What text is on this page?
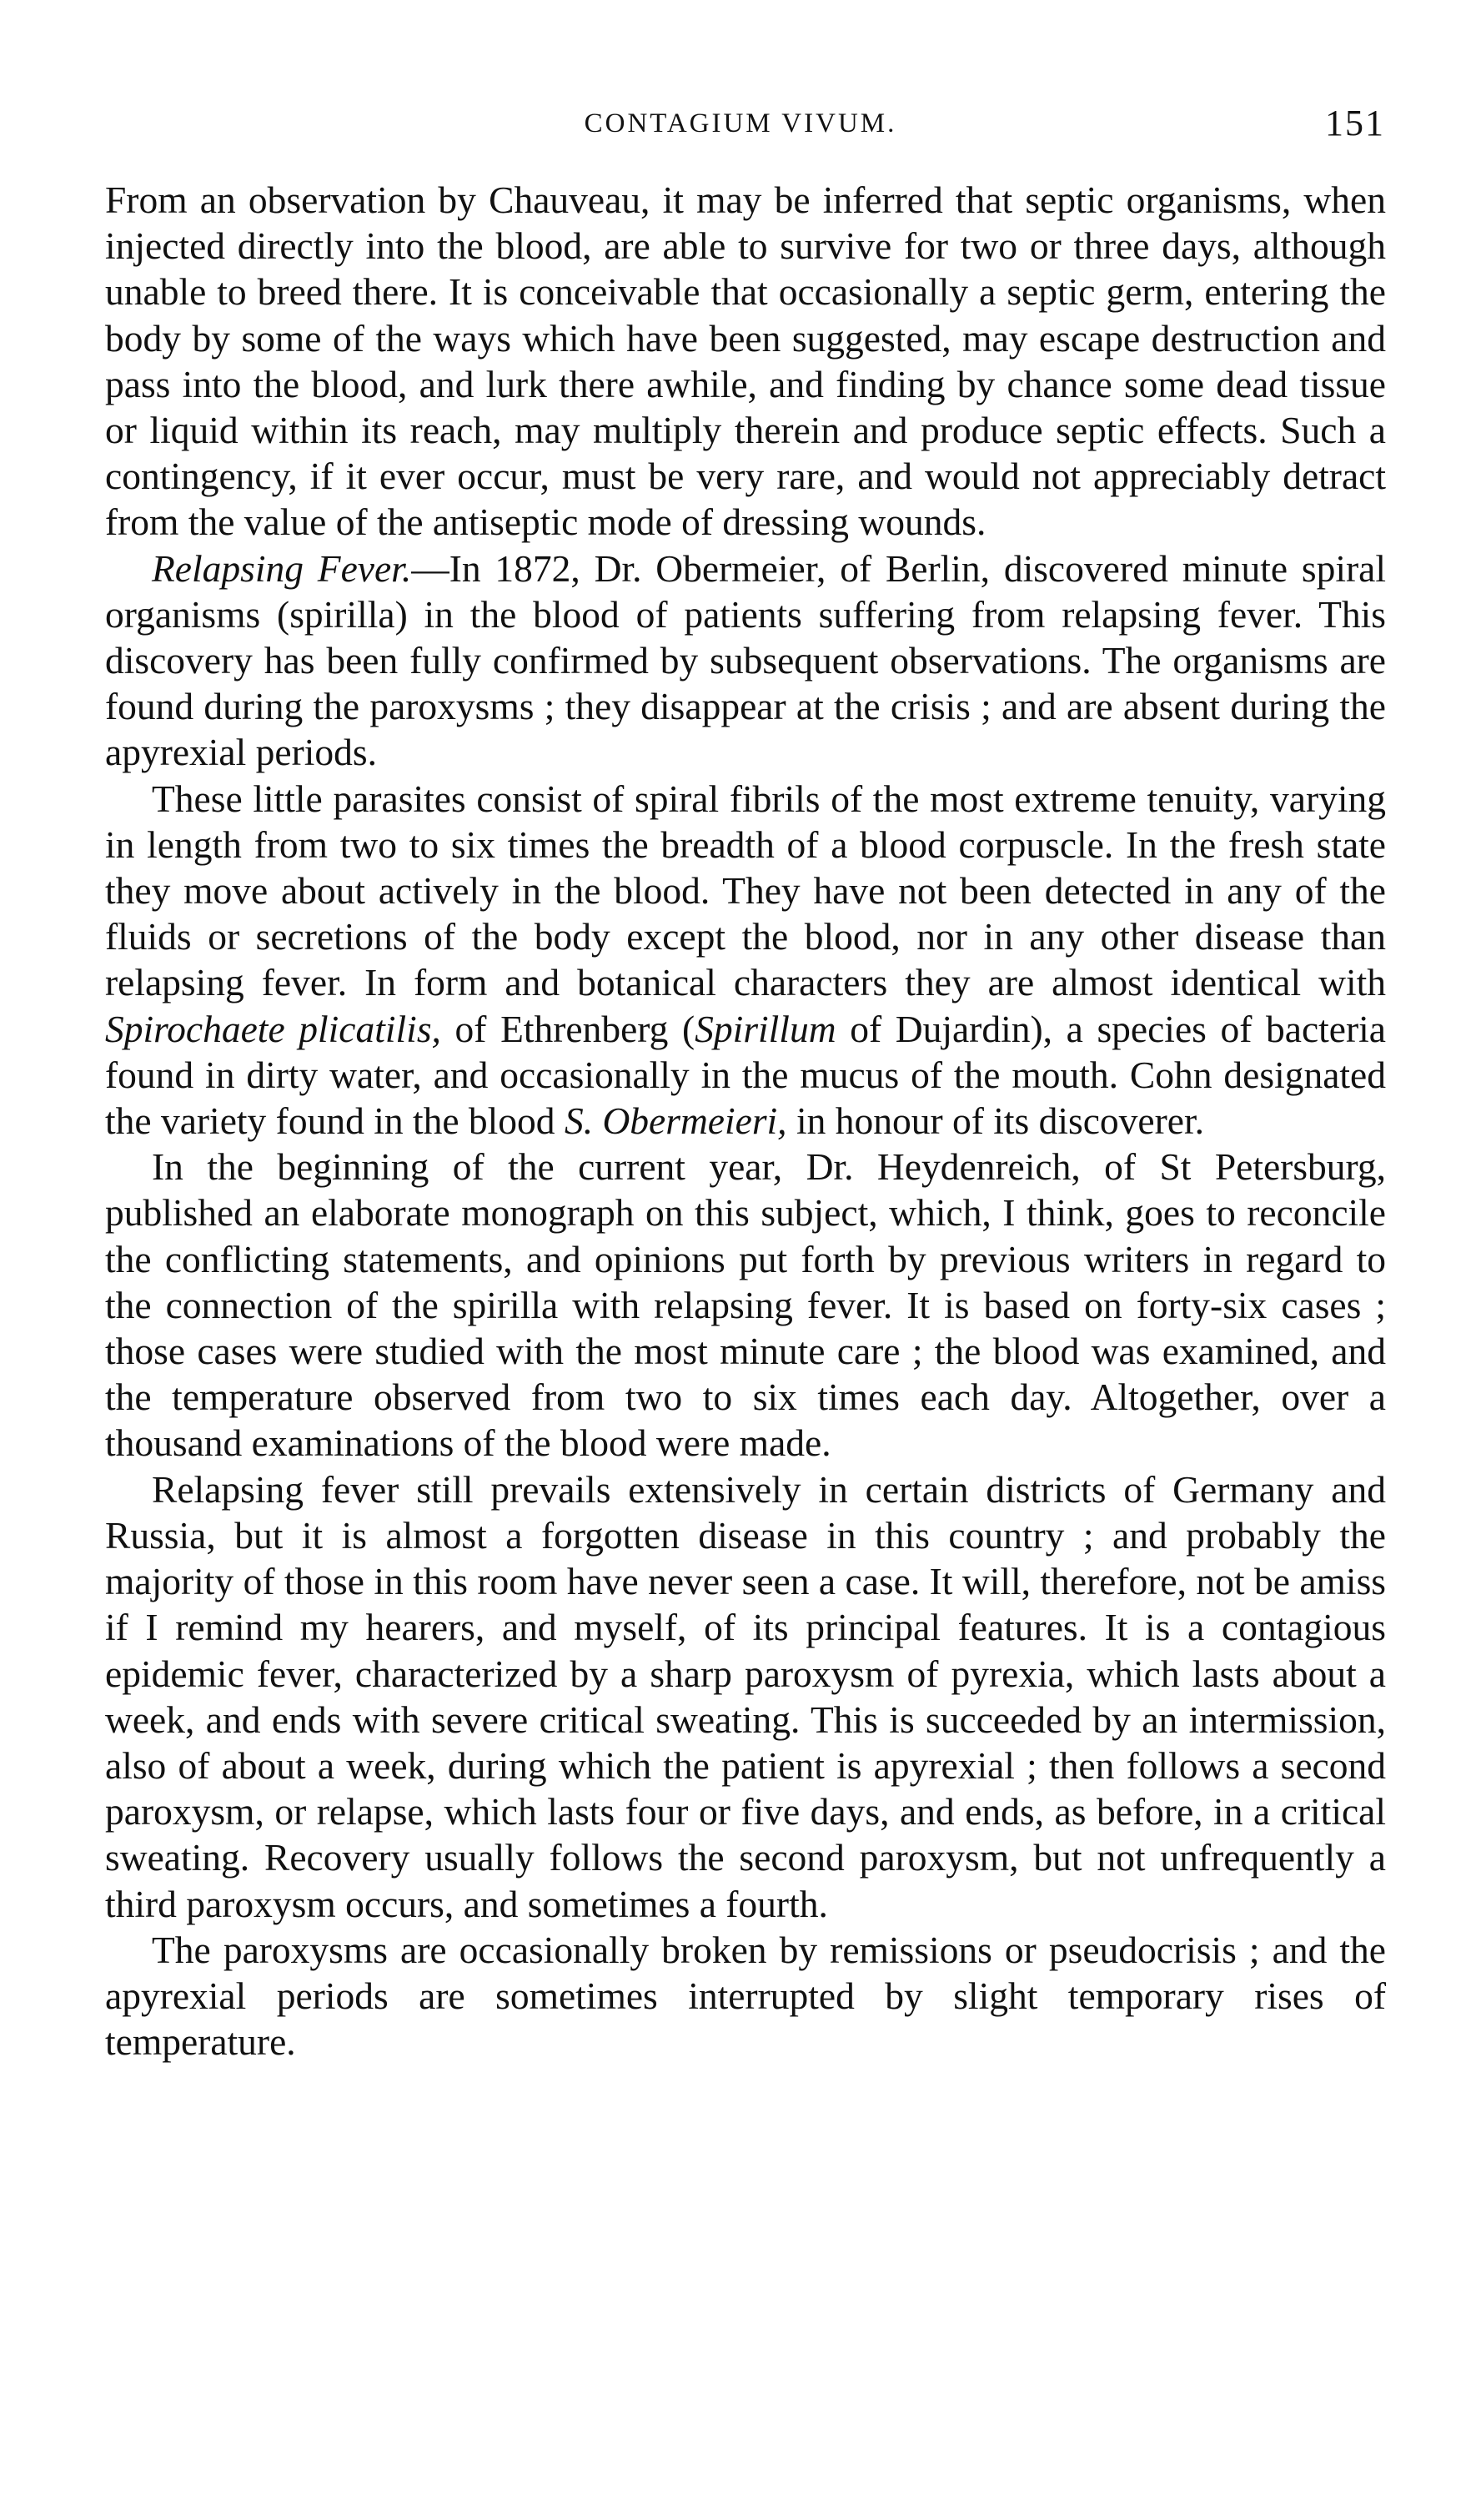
CONTAGIUM VIVUM.	151

From an observation by Chauveau, it may be inferred that septic organisms, when injected directly into the blood, are able to survive for two or three days, although unable to breed there. It is conceivable that occasionally a septic germ, entering the body by some of the ways which have been suggested, may escape destruction and pass into the blood, and lurk there awhile, and finding by chance some dead tissue or liquid within its reach, may multiply therein and produce septic effects. Such a contingency, if it ever occur, must be very rare, and would not appreciably detract from the value of the antiseptic mode of dressing wounds.

Relapsing Fever.—In 1872, Dr. Obermeier, of Berlin, discovered minute spiral organisms (spirilla) in the blood of patients suffering from relapsing fever. This discovery has been fully confirmed by subsequent observations. The organisms are found during the paroxysms ; they disappear at the crisis ; and are absent during the apyrexial periods.

These little parasites consist of spiral fibrils of the most extreme tenuity, varying in length from two to six times the breadth of a blood corpuscle. In the fresh state they move about actively in the blood. They have not been detected in any of the fluids or secretions of the body except the blood, nor in any other disease than relapsing fever. In form and botanical characters they are almost identical with Spirochaete plicatilis, of Ethrenberg (Spirillum of Dujardin), a species of bacteria found in dirty water, and occasionally in the mucus of the mouth. Cohn designated the variety found in the blood S. Obermeieri, in honour of its discoverer.

In the beginning of the current year, Dr. Heydenreich, of St Petersburg, published an elaborate monograph on this subject, which, I think, goes to reconcile the conflicting statements, and opinions put forth by previous writers in regard to the connection of the spirilla with relapsing fever. It is based on forty-six cases ; those cases were studied with the most minute care ; the blood was examined, and the temperature observed from two to six times each day. Altogether, over a thousand examinations of the blood were made.

Relapsing fever still prevails extensively in certain districts of Germany and Russia, but it is almost a forgotten disease in this country ; and probably the majority of those in this room have never seen a case. It will, therefore, not be amiss if I remind my hearers, and myself, of its principal features. It is a contagious epidemic fever, characterized by a sharp paroxysm of pyrexia, which lasts about a week, and ends with severe critical sweating. This is succeeded by an intermission, also of about a week, during which the patient is apyrexial ; then follows a second paroxysm, or relapse, which lasts four or five days, and ends, as before, in a critical sweating. Recovery usually follows the second paroxysm, but not unfrequently a third paroxysm occurs, and sometimes a fourth.

The paroxysms are occasionally broken by remissions or pseudocrisis ; and the apyrexial periods are sometimes interrupted by slight temporary rises of temperature.
